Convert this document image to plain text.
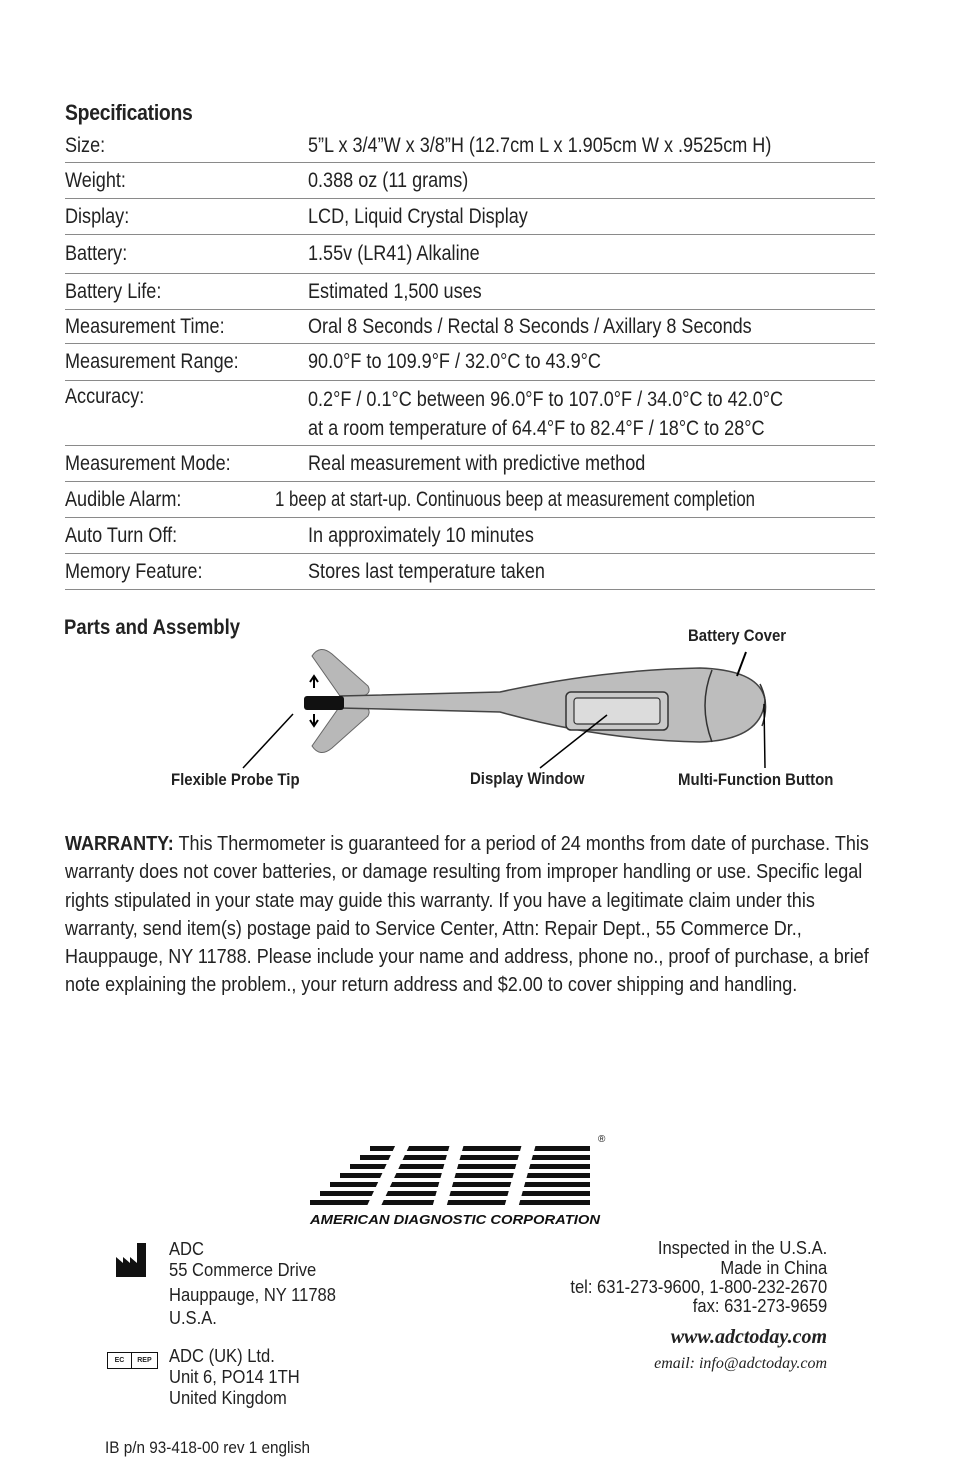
Specifications
Size:	5”L x 3/4”W x 3/8”H (12.7cm L x 1.905cm W x .9525cm H)
Weight:	0.388 oz (11 grams)
Display:	LCD, Liquid Crystal Display
Battery:	1.55v (LR41) Alkaline
Battery Life:	Estimated 1,500 uses
Measurement Time:	Oral 8 Seconds / Rectal 8 Seconds / Axillary 8 Seconds
Measurement Range:	90.0°F to 109.9°F / 32.0°C to 43.9°C
Accuracy:	0.2°F / 0.1°C between 96.0°F to 107.0°F / 34.0°C to 42.0°C
at a room temperature of 64.4°F to 82.4°F / 18°C to 28°C
Measurement Mode:	Real measurement with predictive method
Audible Alarm:	1 beep at start-up. Continuous beep at measurement completion
Auto Turn Off:	In approximately 10 minutes
Memory Feature:	Stores last temperature taken
Parts and Assembly	Battery Cover
Flexible Probe Tip	Display Window	Multi-Function Button
WARRANTY: This Thermometer is guaranteed for a period of 24 months from date of purchase. This warranty does not cover batteries, or damage resulting from improper handling or use. Specific legal rights stipulated in your state may guide this warranty. If you have a legitimate claim under this warranty, send item(s) postage paid to Service Center, Attn: Repair Dept., 55 Commerce Dr., Hauppauge, NY 11788. Please include your name and address, phone no., proof of purchase, a brief note explaining the problem., your return address and $2.00 to cover shipping and handling.
®
AMERICAN DIAGNOSTIC CORPORATION
ADC
55 Commerce Drive
Hauppauge, NY 11788
U.S.A.
EC	REP ADC (UK) Ltd.
Unit 6, PO14 1TH
United Kingdom
Inspected in the U.S.A.
Made in China
tel: 631-273-9600, 1-800-232-2670
fax: 631-273-9659
www.adctoday.com
email: info@adctoday.com
IB p/n 93-418-00 rev 1 english
